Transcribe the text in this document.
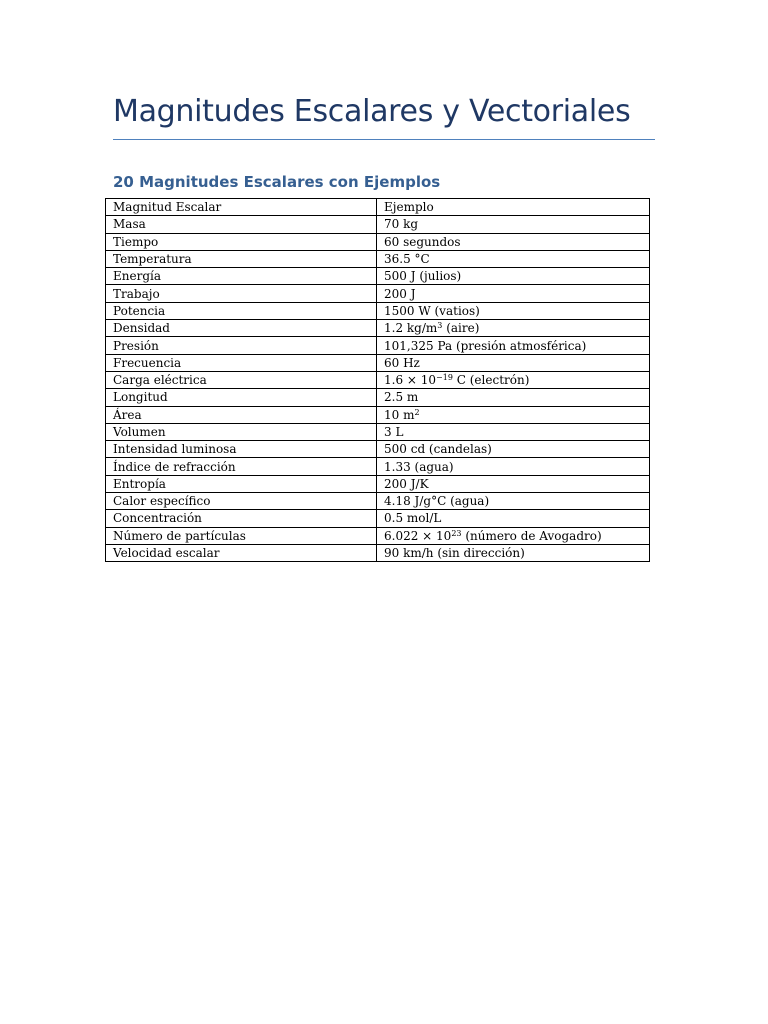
Magnitudes Escalares y Vectoriales
20 Magnitudes Escalares con Ejemplos
Magnitud Escalar	Ejemplo
Masa	70 kg
Tiempo	60 segundos
Temperatura	36.5 °C
Energía	500 J (julios)
Trabajo	200 J
Potencia	1500 W (vatios)
Densidad	1.2 $kg/m^3$ (aire)
Presión	101,325 Pa (presión atmosférica)
Frecuencia	60 Hz
Carga eléctrica	$1.6 \times 10^{-19}$ C (electrón)
Longitud	2.5 m
Área	10 $m^2$
Volumen	3 L
Intensidad luminosa	500 cd (candelas)
Índice de refracción	1.33 (agua)
Entropía	200 J/K
Calor específico	4.18 J/g°C (agua)
Concentración	0.5 mol/L
Número de partículas	$6.022 \times 10^{23}$ (número de Avogadro)
Velocidad escalar	90 km/h (sin dirección)
